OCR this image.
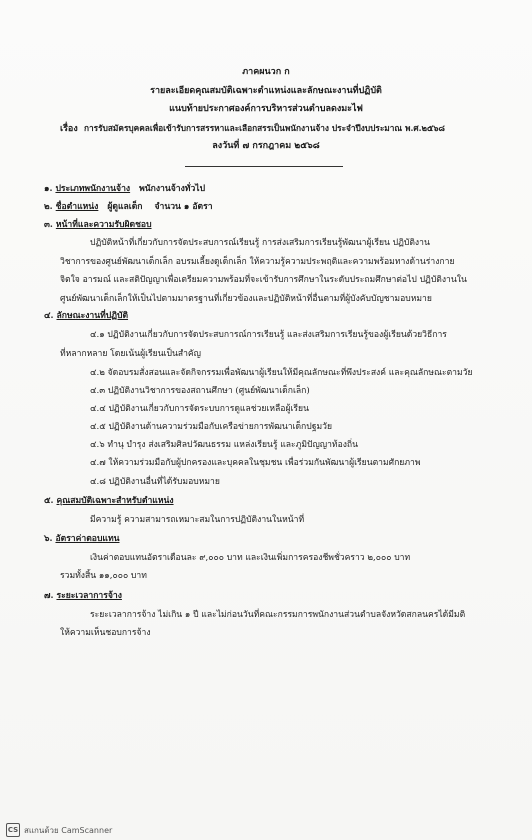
ภาคผนวก ก
รายละเอียดคุณสมบัติเฉพาะตำแหน่งและลักษณะงานที่ปฏิบัติ
แนบท้ายประกาศองค์การบริหารส่วนตำบลดงมะไฟ
เรื่อง การรับสมัครบุคคลเพื่อเข้ารับการสรรหาและเลือกสรรเป็นพนักงานจ้าง ประจำปีงบประมาณ พ.ศ.๒๕๖๘
ลงวันที่ ๗ กรกฎาคม ๒๕๖๘
๑. ประเภทพนักงานจ้าง พนักงานจ้างทั่วไป
๒. ชื่อตำแหน่ง ผู้ดูแลเด็ก จำนวน ๑ อัตรา
๓. หน้าที่และความรับผิดชอบ
ปฏิบัติหน้าที่เกี่ยวกับการจัดประสบการณ์เรียนรู้ การส่งเสริมการเรียนรู้พัฒนาผู้เรียน ปฏิบัติงาน
วิชาการของศูนย์พัฒนาเด็กเล็ก อบรมเลี้ยงดูเด็กเล็ก ให้ความรู้ความประพฤติและความพร้อมทางด้านร่างกาย
จิตใจ อารมณ์ และสติปัญญาเพื่อเตรียมความพร้อมที่จะเข้ารับการศึกษาในระดับประถมศึกษาต่อไป ปฏิบัติงานใน
ศูนย์พัฒนาเด็กเล็กให้เป็นไปตามมาตรฐานที่เกี่ยวข้องและปฏิบัติหน้าที่อื่นตามที่ผู้บังคับบัญชามอบหมาย
๔. ลักษณะงานที่ปฏิบัติ
๔.๑ ปฏิบัติงานเกี่ยวกับการจัดประสบการณ์การเรียนรู้ และส่งเสริมการเรียนรู้ของผู้เรียนด้วยวิธีการ
ที่หลากหลาย โดยเน้นผู้เรียนเป็นสำคัญ
๔.๒ จัดอบรมสั่งสอนและจัดกิจกรรมเพื่อพัฒนาผู้เรียนให้มีคุณลักษณะที่พึงประสงค์ และคุณลักษณะตามวัย
๔.๓ ปฏิบัติงานวิชาการของสถานศึกษา (ศูนย์พัฒนาเด็กเล็ก)
๔.๔ ปฏิบัติงานเกี่ยวกับการจัดระบบการดูแลช่วยเหลือผู้เรียน
๔.๕ ปฏิบัติงานด้านความร่วมมือกับเครือข่ายการพัฒนาเด็กปฐมวัย
๔.๖ ทำนุ บำรุง ส่งเสริมศิลปวัฒนธรรม แหล่งเรียนรู้ และภูมิปัญญาท้องถิ่น
๔.๗ ให้ความร่วมมือกับผู้ปกครองและบุคคลในชุมชน เพื่อร่วมกันพัฒนาผู้เรียนตามศักยภาพ
๔.๘ ปฏิบัติงานอื่นที่ได้รับมอบหมาย
๕. คุณสมบัติเฉพาะสำหรับตำแหน่ง
มีความรู้ ความสามารถเหมาะสมในการปฏิบัติงานในหน้าที่
๖. อัตราค่าตอบแทน
เงินค่าตอบแทนอัตราเดือนละ ๙,๐๐๐ บาท และเงินเพิ่มการครองชีพชั่วคราว ๒,๐๐๐ บาท
รวมทั้งสิ้น ๑๑,๐๐๐ บาท
๗. ระยะเวลาการจ้าง
ระยะเวลาการจ้าง ไม่เกิน ๑ ปี และไม่ก่อนวันที่คณะกรรมการพนักงานส่วนตำบลจังหวัดสกลนครได้มีมติ
ให้ความเห็นชอบการจ้าง
CS สแกนด้วย CamScanner
